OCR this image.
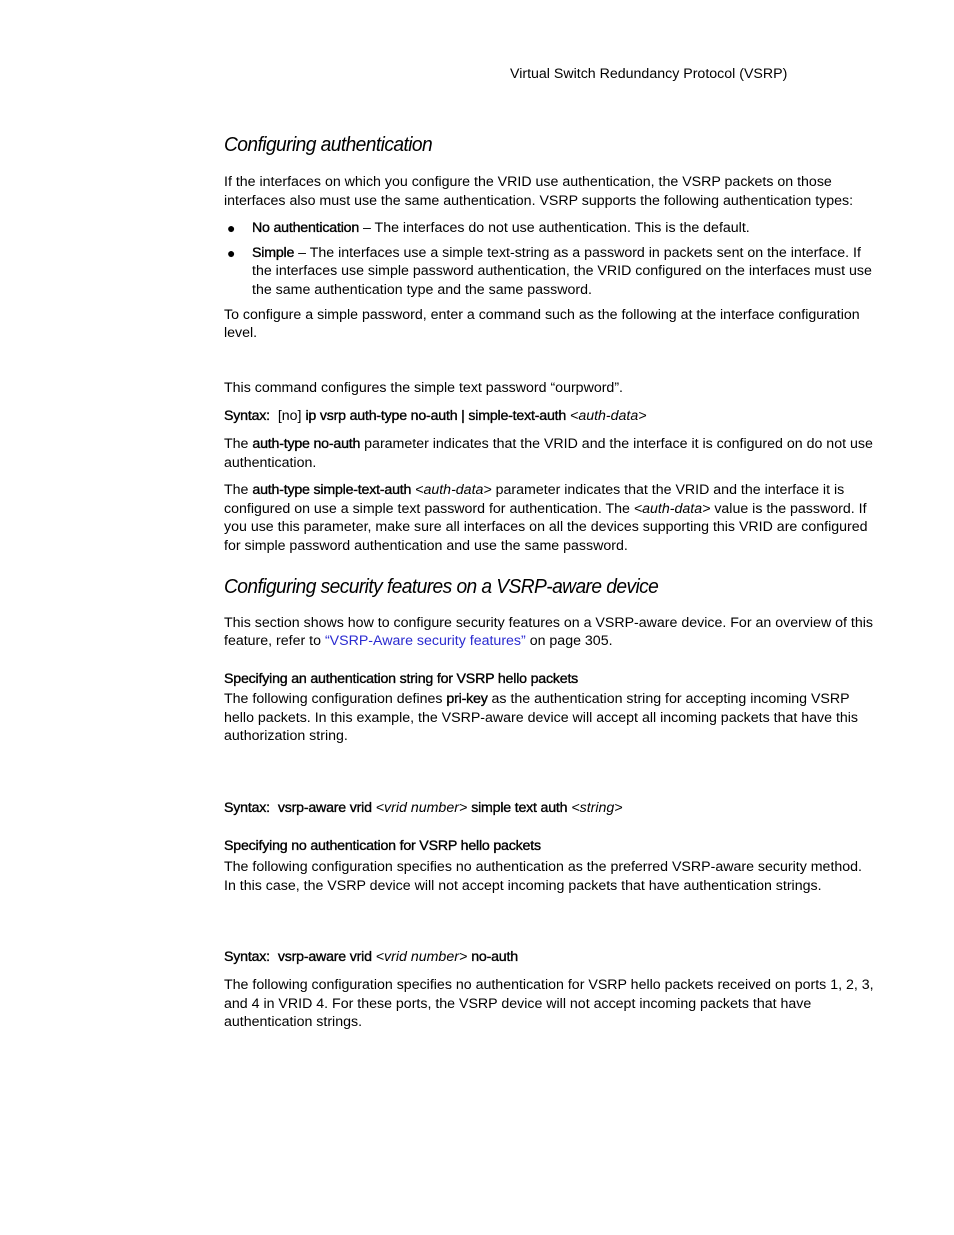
Virtual Switch Redundancy Protocol (VSRP)
Configuring authentication

If the interfaces on which you configure the VRID use authentication, the VSRP packets on those interfaces also must use the same authentication. VSRP supports the following authentication types:

● No authentication – The interfaces do not use authentication. This is the default.
● Simple – The interfaces use a simple text-string as a password in packets sent on the interface. If the interfaces use simple password authentication, the VRID configured on the interfaces must use the same authentication type and the same password.

To configure a simple password, enter a command such as the following at the interface configuration level.

This command configures the simple text password “ourpword”.

Syntax: [no] ip vsrp auth-type no-auth | simple-text-auth <auth-data>

The auth-type no-auth parameter indicates that the VRID and the interface it is configured on do not use authentication.

The auth-type simple-text-auth <auth-data> parameter indicates that the VRID and the interface it is configured on use a simple text password for authentication. The <auth-data> value is the password. If you use this parameter, make sure all interfaces on all the devices supporting this VRID are configured for simple password authentication and use the same password.

Configuring security features on a VSRP-aware device

This section shows how to configure security features on a VSRP-aware device. For an overview of this feature, refer to “VSRP-Aware security features” on page 305.

Specifying an authentication string for VSRP hello packets

The following configuration defines pri-key as the authentication string for accepting incoming VSRP hello packets. In this example, the VSRP-aware device will accept all incoming packets that have this authorization string.

Syntax: vsrp-aware vrid <vrid number> simple text auth <string>

Specifying no authentication for VSRP hello packets

The following configuration specifies no authentication as the preferred VSRP-aware security method. In this case, the VSRP device will not accept incoming packets that have authentication strings.

Syntax: vsrp-aware vrid <vrid number> no-auth

The following configuration specifies no authentication for VSRP hello packets received on ports 1, 2, 3, and 4 in VRID 4. For these ports, the VSRP device will not accept incoming packets that have authentication strings.
